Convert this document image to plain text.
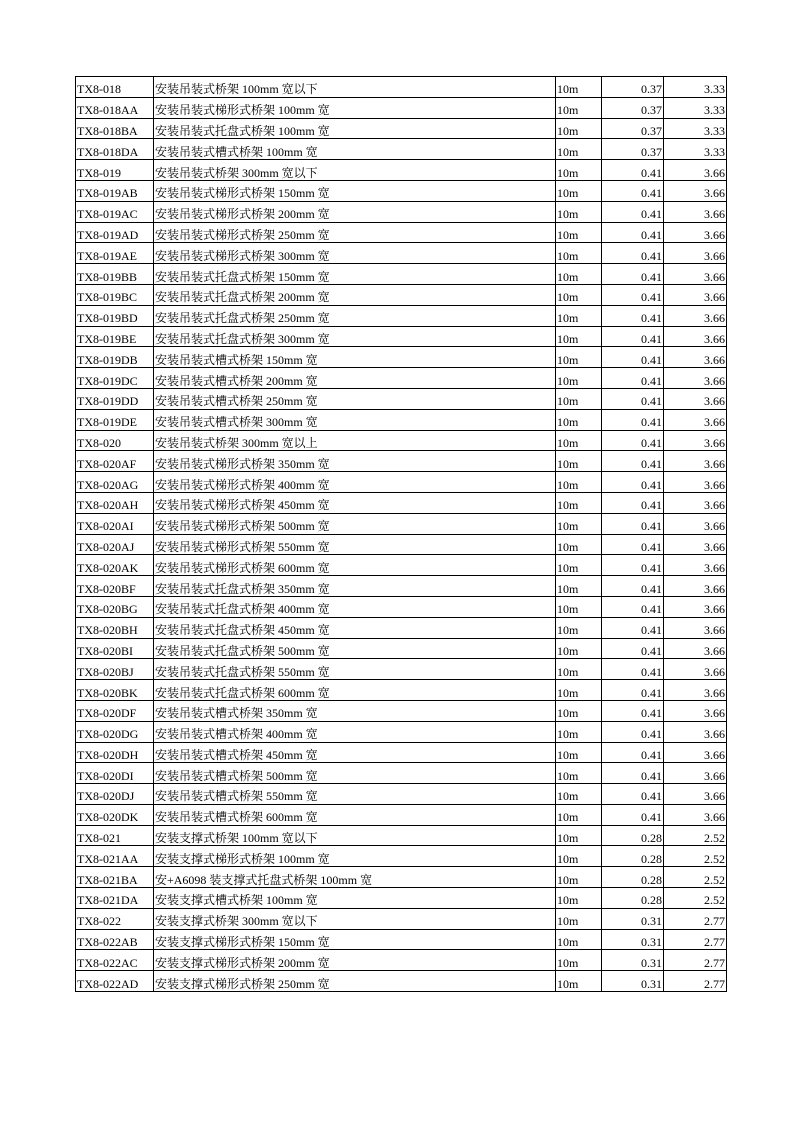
TX8-018	安装吊装式桥架 100mm 宽以下	10m	0.37	3.33
TX8-018AA	安装吊装式梯形式桥架 100mm 宽	10m	0.37	3.33
TX8-018BA	安装吊装式托盘式桥架 100mm 宽	10m	0.37	3.33
TX8-018DA	安装吊装式槽式桥架 100mm 宽	10m	0.37	3.33
TX8-019	安装吊装式桥架 300mm 宽以下	10m	0.41	3.66
TX8-019AB	安装吊装式梯形式桥架 150mm 宽	10m	0.41	3.66
TX8-019AC	安装吊装式梯形式桥架 200mm 宽	10m	0.41	3.66
TX8-019AD	安装吊装式梯形式桥架 250mm 宽	10m	0.41	3.66
TX8-019AE	安装吊装式梯形式桥架 300mm 宽	10m	0.41	3.66
TX8-019BB	安装吊装式托盘式桥架 150mm 宽	10m	0.41	3.66
TX8-019BC	安装吊装式托盘式桥架 200mm 宽	10m	0.41	3.66
TX8-019BD	安装吊装式托盘式桥架 250mm 宽	10m	0.41	3.66
TX8-019BE	安装吊装式托盘式桥架 300mm 宽	10m	0.41	3.66
TX8-019DB	安装吊装式槽式桥架 150mm 宽	10m	0.41	3.66
TX8-019DC	安装吊装式槽式桥架 200mm 宽	10m	0.41	3.66
TX8-019DD	安装吊装式槽式桥架 250mm 宽	10m	0.41	3.66
TX8-019DE	安装吊装式槽式桥架 300mm 宽	10m	0.41	3.66
TX8-020	安装吊装式桥架 300mm 宽以上	10m	0.41	3.66
TX8-020AF	安装吊装式梯形式桥架 350mm 宽	10m	0.41	3.66
TX8-020AG	安装吊装式梯形式桥架 400mm 宽	10m	0.41	3.66
TX8-020AH	安装吊装式梯形式桥架 450mm 宽	10m	0.41	3.66
TX8-020AI	安装吊装式梯形式桥架 500mm 宽	10m	0.41	3.66
TX8-020AJ	安装吊装式梯形式桥架 550mm 宽	10m	0.41	3.66
TX8-020AK	安装吊装式梯形式桥架 600mm 宽	10m	0.41	3.66
TX8-020BF	安装吊装式托盘式桥架 350mm 宽	10m	0.41	3.66
TX8-020BG	安装吊装式托盘式桥架 400mm 宽	10m	0.41	3.66
TX8-020BH	安装吊装式托盘式桥架 450mm 宽	10m	0.41	3.66
TX8-020BI	安装吊装式托盘式桥架 500mm 宽	10m	0.41	3.66
TX8-020BJ	安装吊装式托盘式桥架 550mm 宽	10m	0.41	3.66
TX8-020BK	安装吊装式托盘式桥架 600mm 宽	10m	0.41	3.66
TX8-020DF	安装吊装式槽式桥架 350mm 宽	10m	0.41	3.66
TX8-020DG	安装吊装式槽式桥架 400mm 宽	10m	0.41	3.66
TX8-020DH	安装吊装式槽式桥架 450mm 宽	10m	0.41	3.66
TX8-020DI	安装吊装式槽式桥架 500mm 宽	10m	0.41	3.66
TX8-020DJ	安装吊装式槽式桥架 550mm 宽	10m	0.41	3.66
TX8-020DK	安装吊装式槽式桥架 600mm 宽	10m	0.41	3.66
TX8-021	安装支撑式桥架 100mm 宽以下	10m	0.28	2.52
TX8-021AA	安装支撑式梯形式桥架 100mm 宽	10m	0.28	2.52
TX8-021BA	安+A6098 装支撑式托盘式桥架 100mm 宽	10m	0.28	2.52
TX8-021DA	安装支撑式槽式桥架 100mm 宽	10m	0.28	2.52
TX8-022	安装支撑式桥架 300mm 宽以下	10m	0.31	2.77
TX8-022AB	安装支撑式梯形式桥架 150mm 宽	10m	0.31	2.77
TX8-022AC	安装支撑式梯形式桥架 200mm 宽	10m	0.31	2.77
TX8-022AD	安装支撑式梯形式桥架 250mm 宽	10m	0.31	2.77
